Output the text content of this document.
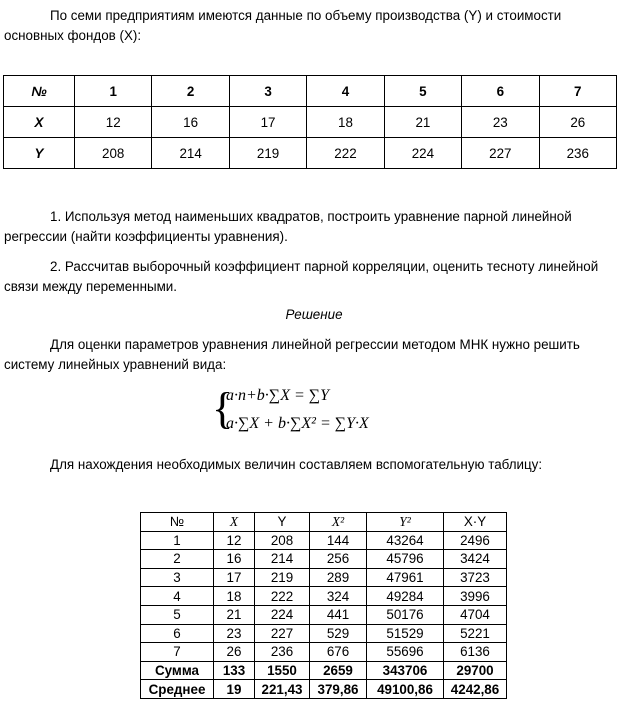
По семи предприятиям имеются данные по объему производства (Y) и стоимости основных фондов (X):

№	1	2	3	4	5	6	7
X	12	16	17	18	21	23	26
Y	208	214	219	222	224	227	236

1. Используя метод наименьших квадратов, построить уравнение парной линейной регрессии (найти коэффициенты уравнения).

2. Рассчитав выборочный коэффициент парной корреляции, оценить тесноту линейной связи между переменными.

Решение

Для оценки параметров уравнения линейной регрессии методом МНК нужно решить систему линейных уравнений вида:

{
a·n+b·∑X = ∑Y
a·∑X + b·∑X² = ∑Y·X

Для нахождения необходимых величин составляем вспомогательную таблицу:

№	X	Y	X²	Y²	X·Y
1	12	208	144	43264	2496
2	16	214	256	45796	3424
3	17	219	289	47961	3723
4	18	222	324	49284	3996
5	21	224	441	50176	4704
6	23	227	529	51529	5221
7	26	236	676	55696	6136
Сумма	133	1550	2659	343706	29700
Среднее	19	221,43	379,86	49100,86	4242,86
